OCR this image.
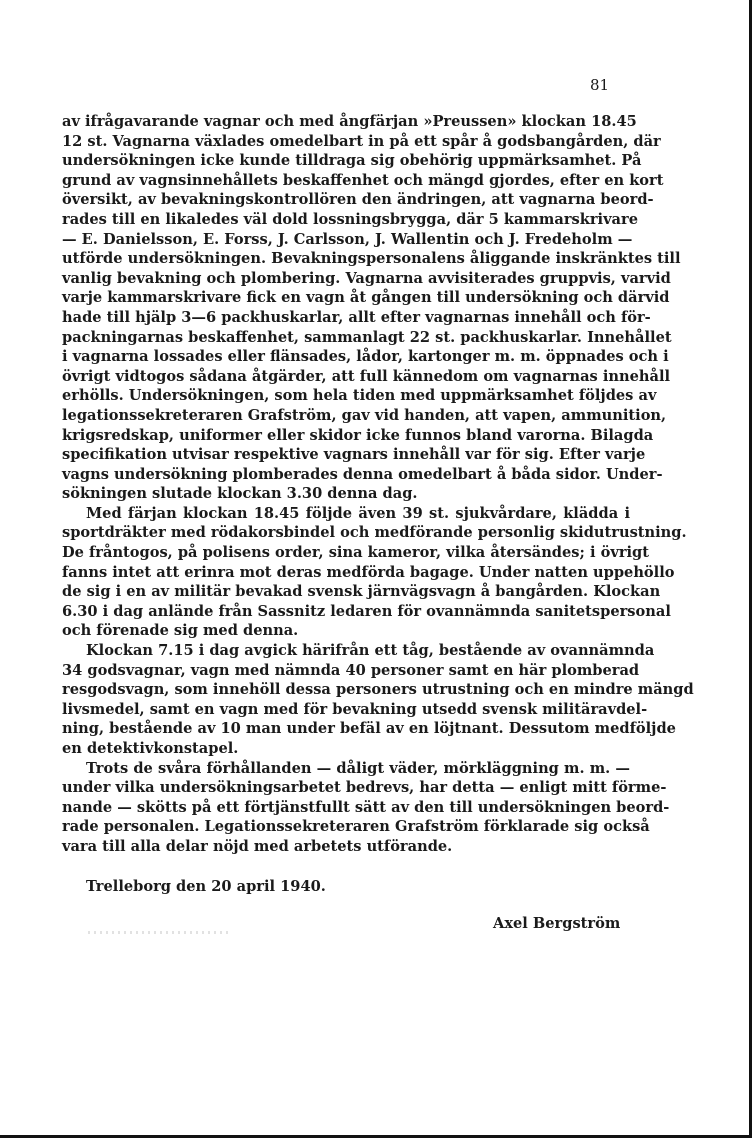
81
av ifrågavarande vagnar och med ångfärjan »Preussen» klockan 18.45
12 st. Vagnarna växlades omedelbart in på ett spår å godsbangården, där
undersökningen icke kunde tilldraga sig obehörig uppmärksamhet. På
grund av vagnsinnehållets beskaffenhet och mängd gjordes, efter en kort
översikt, av bevakningskontrollören den ändringen, att vagnarna beord-
rades till en likaledes väl dold lossningsbrygga, där 5 kammarskrivare
— E. Danielsson, E. Forss, J. Carlsson, J. Wallentin och J. Fredeholm —
utförde undersökningen. Bevakningspersonalens åliggande inskränktes till
vanlig bevakning och plombering. Vagnarna avvisiterades gruppvis, varvid
varje kammarskrivare fick en vagn åt gången till undersökning och därvid
hade till hjälp 3—6 packhuskarlar, allt efter vagnarnas innehåll och för-
packningarnas beskaffenhet, sammanlagt 22 st. packhuskarlar. Innehållet
i vagnarna lossades eller flänsades, lådor, kartonger m. m. öppnades och i
övrigt vidtogos sådana åtgärder, att full kännedom om vagnarnas innehåll
erhölls. Undersökningen, som hela tiden med uppmärksamhet följdes av
legationssekreteraren Grafström, gav vid handen, att vapen, ammunition,
krigsredskap, uniformer eller skidor icke funnos bland varorna. Bilagda
specifikation utvisar respektive vagnars innehåll var för sig. Efter varje
vagns undersökning plomberades denna omedelbart å båda sidor. Under-
sökningen slutade klockan 3.30 denna dag.
Med färjan klockan 18.45 följde även 39 st. sjukvårdare, klädda i
sportdräkter med rödakorsbindel och medförande personlig skidutrustning.
De fråntogos, på polisens order, sina kameror, vilka återsändes; i övrigt
fanns intet att erinra mot deras medförda bagage. Under natten uppehöllo
de sig i en av militär bevakad svensk järnvägsvagn å bangården. Klockan
6.30 i dag anlände från Sassnitz ledaren för ovannämnda sanitetspersonal
och förenade sig med denna.
Klockan 7.15 i dag avgick härifrån ett tåg, bestående av ovannämnda
34 godsvagnar, vagn med nämnda 40 personer samt en här plomberad
resgodsvagn, som innehöll dessa personers utrustning och en mindre mängd
livsmedel, samt en vagn med för bevakning utsedd svensk militäravdel-
ning, bestående av 10 man under befäl av en löjtnant. Dessutom medföljde
en detektivkonstapel.
Trots de svåra förhållanden — dåligt väder, mörkläggning m. m. —
under vilka undersökningsarbetet bedrevs, har detta — enligt mitt förme-
nande — skötts på ett förtjänstfullt sätt av den till undersökningen beord-
rade personalen. Legationssekreteraren Grafström förklarade sig också
vara till alla delar nöjd med arbetets utförande.
Trelleborg den 20 april 1940.
Axel Bergström
